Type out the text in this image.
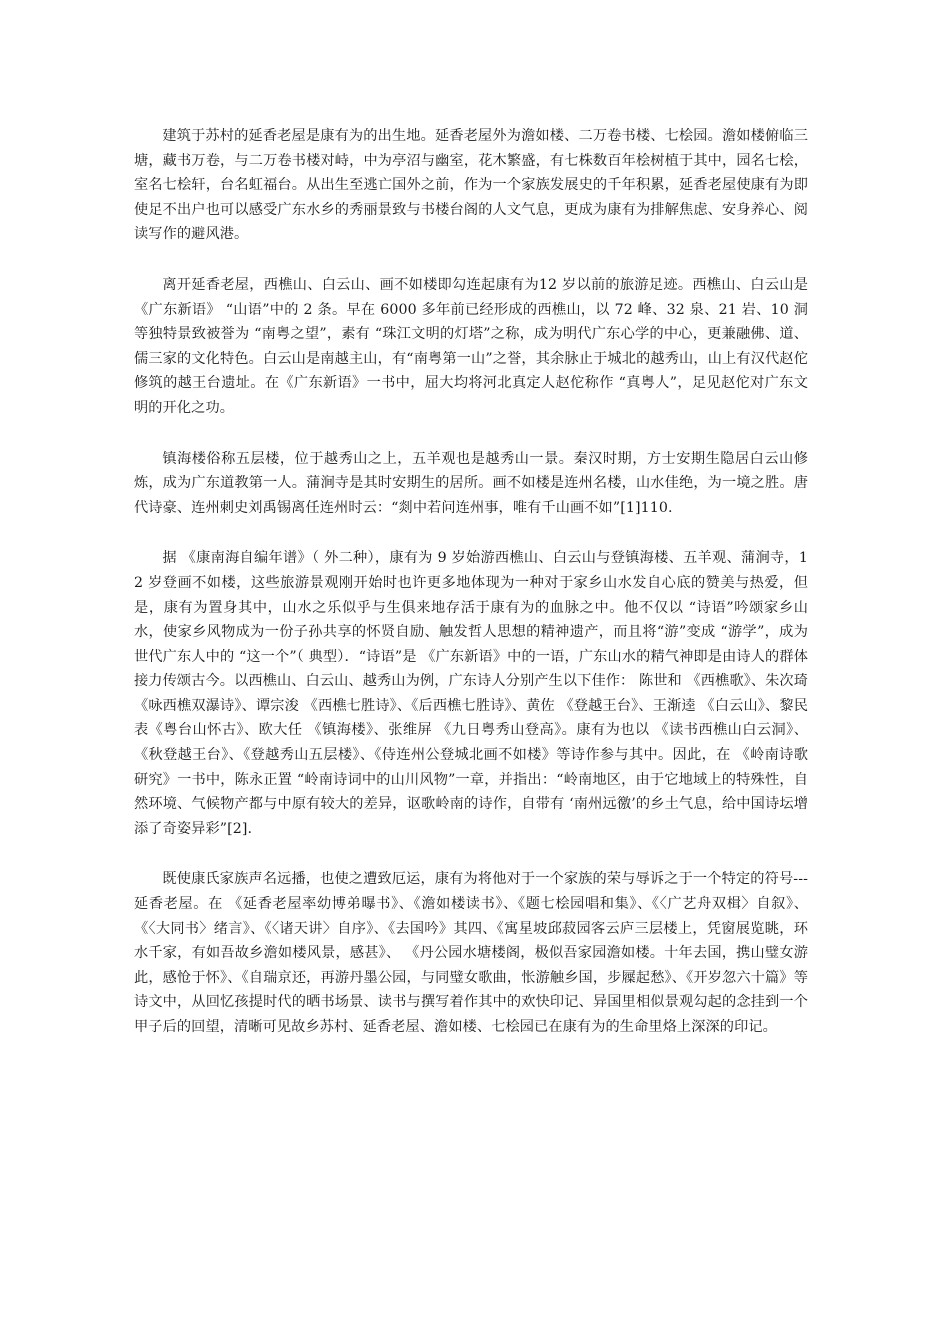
建筑于苏村的延香老屋是康有为的出生地。延香老屋外为澹如楼、二万卷书楼、七桧园。澹如楼俯临三塘，藏书万卷，与二万卷书楼对峙，中为亭沼与幽室，花木繁盛，有七株数百年桧树植于其中，园名七桧，室名七桧轩，台名虹福台。从出生至逃亡国外之前，作为一个家族发展史的千年积累，延香老屋使康有为即使足不出户也可以感受广东水乡的秀丽景致与书楼台阁的人文气息，更成为康有为排解焦虑、安身养心、阅读写作的避风港。

离开延香老屋，西樵山、白云山、画不如楼即勾连起康有为12 岁以前的旅游足迹。西樵山、白云山是 《广东新语》 “山语”中的 2 条。早在 6000 多年前已经形成的西樵山，以 72 峰、32 泉、21 岩、10 洞等独特景致被誉为 “南粤之望”，素有 “珠江文明的灯塔”之称，成为明代广东心学的中心，更兼融佛、道、儒三家的文化特色。白云山是南越主山，有“南粤第一山”之誉，其余脉止于城北的越秀山，山上有汉代赵佗修筑的越王台遗址。在《广东新语》一书中，屈大均将河北真定人赵佗称作 “真粤人”，足见赵佗对广东文明的开化之功。

镇海楼俗称五层楼，位于越秀山之上，五羊观也是越秀山一景。秦汉时期，方士安期生隐居白云山修炼，成为广东道教第一人。蒲涧寺是其时安期生的居所。画不如楼是连州名楼，山水佳绝，为一境之胜。唐代诗豪、连州刺史刘禹锡离任连州时云：“剡中若问连州事，唯有千山画不如”[1]110.

据 《康南海自编年谱》（ 外二种），康有为 9 岁始游西樵山、白云山与登镇海楼、五羊观、蒲涧寺，12 岁登画不如楼，这些旅游景观刚开始时也许更多地体现为一种对于家乡山水发自心底的赞美与热爱，但是，康有为置身其中，山水之乐似乎与生俱来地存活于康有为的血脉之中。他不仅以 “诗语”吟颂家乡山水，使家乡风物成为一份子孙共享的怀贤自励、触发哲人思想的精神遗产，而且将“游”变成 “游学”，成为世代广东人中的 “这一个”（ 典型）．“诗语”是 《广东新语》中的一语，广东山水的精气神即是由诗人的群体接力传颂古今。以西樵山、白云山、越秀山为例，广东诗人分别产生以下佳作： 陈世和 《西樵歌》、朱次琦 《咏西樵双瀑诗》、谭宗浚 《西樵七胜诗》、《后西樵七胜诗》、黄佐 《登越王台》、王渐逵 《白云山》、黎民表《粤台山怀古》、欧大任 《镇海楼》、张维屏 《九日粤秀山登高》。康有为也以 《读书西樵山白云洞》、《秋登越王台》、《登越秀山五层楼》、《侍连州公登城北画不如楼》等诗作参与其中。因此，在 《岭南诗歌研究》一书中，陈永正置 “岭南诗词中的山川风物”一章，并指出：“岭南地区，由于它地域上的特殊性，自然环境、气候物产都与中原有较大的差异，讴歌岭南的诗作，自带有 ‘南州远徼’的乡土气息，给中国诗坛增添了奇姿异彩”[2].

既使康氏家族声名远播，也使之遭致厄运，康有为将他对于一个家族的荣与辱诉之于一个特定的符号---延香老屋。在 《延香老屋率幼博弟曝书》、《澹如楼读书》、《题七桧园唱和集》、《〈广艺舟双楫〉自叙》、《〈大同书〉绪言》、《〈诸天讲〉自序》、《去国吟》其四、《寓星坡邱菽园客云庐三层楼上，凭窗展览眺，环水千家，有如吾故乡澹如楼风景，感甚》、 《丹公园水塘楼阁，极似吾家园澹如楼。十年去国，携山璧女游此，感怆于怀》、《自瑞京还，再游丹墨公园，与同璧女歌曲，怅游触乡国，步屧起愁》、《开岁忽六十篇》等诗文中，从回忆孩提时代的晒书场景、读书与撰写着作其中的欢快印记、异国里相似景观勾起的念挂到一个甲子后的回望，清晰可见故乡苏村、延香老屋、澹如楼、七桧园已在康有为的生命里烙上深深的印记。
